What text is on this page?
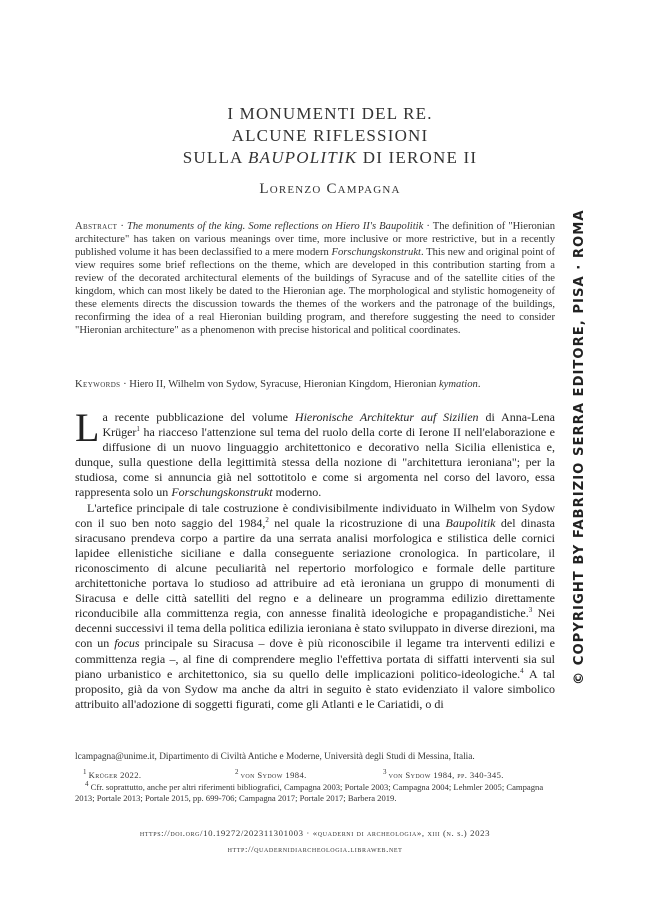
I MONUMENTI DEL RE.
ALCUNE RIFLESSIONI
SULLA BAUPOLITIK DI IERONE II
Lorenzo Campagna
Abstract · The monuments of the king. Some reflections on Hiero II's Baupolitik · The definition of "Hieronian architecture" has taken on various meanings over time, more inclusive or more restrictive, but in a recently published volume it has been declassified to a mere modern Forschungskonstrukt. This new and original point of view requires some brief reflections on the theme, which are developed in this contribution starting from a review of the decorated architectural elements of the buildings of Syracuse and of the satellite cities of the kingdom, which can most likely be dated to the Hieronian age. The morphological and stylistic homogeneity of these elements directs the discussion towards the themes of the workers and the patronage of the buildings, reconfirming the idea of a real Hieronian building program, and therefore suggesting the need to consider "Hieronian architecture" as a phenomenon with precise historical and political coordinates.
Keywords · Hiero II, Wilhelm von Sydow, Syracuse, Hieronian Kingdom, Hieronian kymation.

La recente pubblicazione del volume Hieronische Architektur auf Sizilien di Anna-Lena Krüger$^1$ ha riacceso l'attenzione sul tema del ruolo della corte di Ierone II nell'elaborazione e diffusione di un nuovo linguaggio architettonico e decorativo nella Sicilia ellenistica e, dunque, sulla questione della legittimità stessa della nozione di "architettura ieroniana"; per la studiosa, come si annuncia già nel sottotitolo e come si argomenta nel corso del lavoro, essa rappresenta solo un Forschungskonstrukt moderno.

L'artefice principale di tale costruzione è condivisibilmente individuato in Wilhelm von Sydow con il suo ben noto saggio del 1984,$^2$ nel quale la ricostruzione di una Baupolitik del dinasta siracusano prendeva corpo a partire da una serrata analisi morfologica e stilistica delle cornici lapidee ellenistiche siciliane e dalla conseguente seriazione cronologica. In particolare, il riconoscimento di alcune peculiarità nel repertorio morfologico e formale delle partiture architettoniche portava lo studioso ad attribuire ad età ieroniana un gruppo di monumenti di Siracusa e delle città satelliti del regno e a delineare un programma edilizio direttamente riconducibile alla committenza regia, con annesse finalità ideologiche e propagandistiche.$^3$ Nei decenni successivi il tema della politica edilizia ieroniana è stato sviluppato in diverse direzioni, ma con un focus principale su Siracusa – dove è più riconoscibile il legame tra interventi edilizi e committenza regia –, al fine di comprendere meglio l'effettiva portata di siffatti interventi sia sul piano urbanistico e architettonico, sia su quello delle implicazioni politico-ideologiche.$^4$ A tal proposito, già da von Sydow ma anche da altri in seguito è stato evidenziato il valore simbolico attribuito all'adozione di soggetti figurati, come gli Atlanti e le Cariatidi, o di

lcampagna@unime.it, Dipartimento di Civiltà Antiche e Moderne, Università degli Studi di Messina, Italia.
$^1$ Krüger 2022.	$^2$ von Sydow 1984.	$^3$ von Sydow 1984, pp. 340-345.
$^4$ Cfr. soprattutto, anche per altri riferimenti bibliografici, Campagna 2003; Portale 2003; Campagna 2004; Lehmler 2005; Campagna 2013; Portale 2013; Portale 2015, pp. 699-706; Campagna 2017; Portale 2017; Barbera 2019.
https://doi.org/10.19272/202311301003 · «quaderni di archeologia», xiii (n. s.) 2023
http://quadernidiarcheologia.libraweb.net
© COPYRIGHT BY FABRIZIO SERRA EDITORE, PISA · ROMA
